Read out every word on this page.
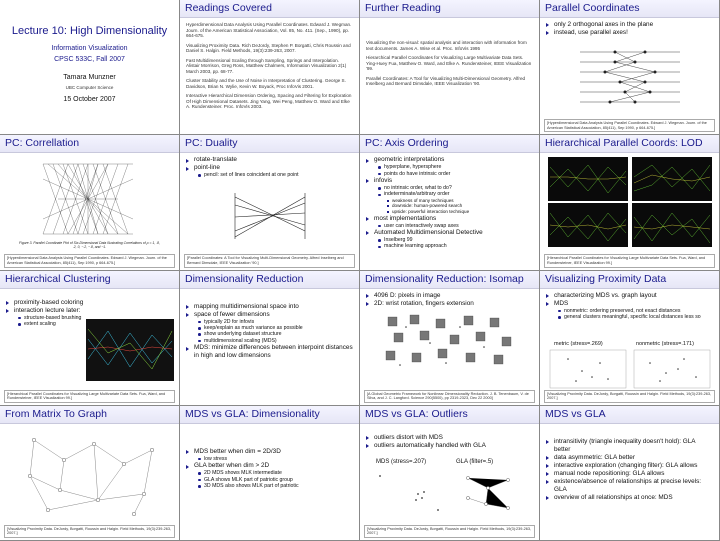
Lecture 10: High Dimensionality
Information Visualization
CPSC 533C, Fall 2007
Tamara Munzner
UBC Computer Science
15 October 2007
Readings Covered
Hyperdimensional Data Analysis Using Parallel Coordinates. Edward J. Wegman. Journ. of the American Statistical Association, Vol. 85, No. 411. (Sep., 1990), pp. 664-675.
Visualizing Proximity Data. Rich DeJordy, Stephen P. Borgatti, Chris Roussin and Daniel S. Halgin. Field Methods, 19(3):239-263, 2007.
Fast Multidimensional Scaling through Sampling, Springs and Interpolation. Alistair Morrison, Greg Ross, Matthew Chalmers, Information Visualization 2(1) March 2003, pp. 68-77.
Cluster Stability and the Use of Noise in Interpretation of Clustering. George S. Davidson, Brian N. Wylie, Kevin W. Boyack, Proc InfoVis 2001.
Interactive Hierarchical Dimension Ordering, Spacing and Filtering for Exploration Of High Dimensional Datasets. Jing Yang, Wei Peng, Matthew O. Ward and Elke A. Rundensteiner. Proc. InfoVis 2003.
Further Reading
Visualizing the non-visual: spatial analysis and interaction with information from text documents. James A. Wise et al. Proc. InfoVis 1995
Hierarchical Parallel Coordinates for Visualizing Large Multivariate Data Sets. Ying-Huey Fua, Matthew O. Ward, and Elke A. Rundensteiner, IEEE Visualization '99.
Parallel Coordinates: A Tool for Visualizing Multi-Dimensional Geometry. Alfred Inselberg and Bernard Dimsdale, IEEE Visualization '90.
Parallel Coordinates
only 2 orthogonal axes in the plane
instead, use parallel axes!
[Hyperdimensional Data Analysis Using Parallel Coordinates. Edward J. Wegman. Journ. of the American Statistical Association, 85(411), Sep 1990, p 664-675.]
PC: Correllation
Figure 3. Parallel Coordinate Plot of Six-Dimensional Data Illustrating Correlations of ρ = 1, .8, .2, 0, −.2, −.8, and −1.
[Hyperdimensional Data Analysis Using Parallel Coordinates. Edward J. Wegman. Journ. of the American Statistical Association, 85(411), Sep 1990, p 664-675.]
PC: Duality
rotate-translate
point-line
pencil: set of lines coincident at one point
[Parallel Coordinates: A Tool for Visualizing Multi-Dimensional Geometry. Alfred Inselberg and Bernard Dimsdale, IEEE Visualization '90.]
PC: Axis Ordering
geometric interpretations
hyperplane, hypersphere
points do have intrinsic order
infovis
no intrinsic order, what to do?
indeterminate/arbitrary order
weakness of many techniques
downside: human-powered search
upside: powerful interaction technique
most implementations
user can interactively swap axes
Automated Multidimensional Detective
Inselberg 99
machine learning approach
Hierarchical Parallel Coords: LOD
[Hierarchical Parallel Coordinates for Visualizing Large Multivariate Data Sets. Fua, Ward, and Rundensteiner, IEEE Visualization 99.]
Hierarchical Clustering
proximity-based coloring
interaction lecture later:
structure-based brushing
extent scaling
[Hierarchical Parallel Coordinates for Visualizing Large Multivariate Data Sets. Fua, Ward, and Rundensteiner, IEEE Visualization 99.]
Dimensionality Reduction
mapping multidimensional space into
space of fewer dimensions
typically 2D for infovis
keep/explain as much variance as possible
show underlying dataset structure
multidimensional scaling (MDS)
MDS: minimize differences between interpoint distances in high and low dimensions
Dimensionality Reduction: Isomap
4096 D: pixels in image
2D: wrist rotation, fingers extension
[A Global Geometric Framework for Nonlinear Dimensionality Reduction. J. B. Tenenbaum, V. de Silva, and J. C. Langford. Science 290(5500), pp 2319-2323, Dec 22 2000]
Visualizing Proximity Data
characterizing MDS vs. graph layout
MDS
nonmetric: ordering preserved, not exact distances
general clusters meaningful, specific local distances less so
metric (stress=.269)	nonmetric (stress=.171)
[Visualizing Proximity Data. DeJordy, Borgatti, Roussin and Halgin. Field Methods, 19(3):239-263, 2007.]
From Matrix To Graph
[Visualizing Proximity Data. DeJordy, Borgatti, Roussin and Halgin. Field Methods, 19(3):239-263, 2007.]
MDS vs GLA: Dimensionality
MDS better when dim = 2D/3D
low stress
GLA better when dim > 2D
2D MDS shows MLK intermediate
GLA shows MLK part of patriotic group
3D MDS also shows MLK part of patriotic
MDS vs GLA: Outliers
outliers distort with MDS
outliers automatically handled with GLA
MDS (stress=.207)	GLA (filter=.5)
[Visualizing Proximity Data. DeJordy, Borgatti, Roussin and Halgin. Field Methods, 19(3):239-263, 2007.]
MDS vs GLA
intransitivity (triangle inequality doesn't hold): GLA better
data asymmetric: GLA better
interactive exploration (changing filter): GLA allows
manual node repositioning: GLA allows
existence/absence of relationships at precise levels: GLA
overview of all relationships at once: MDS
